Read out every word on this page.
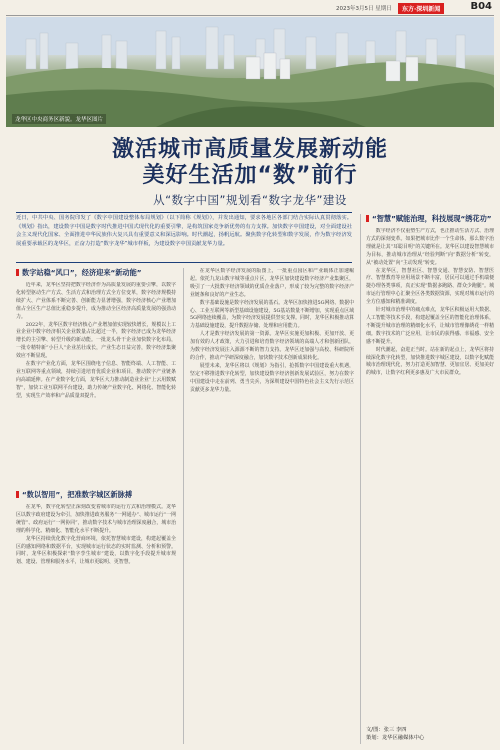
2023年3月5日 星期日	东方·深圳新闻	B04
龙华区中央商务区新貌。龙华区图片
激活城市高质量发展新动能
美好生活加“数”前行
从“数字中国”规划看“数字龙华”建设
近日，中共中央、国务院印发了《数字中国建设整体布局规划》（以下简称《规划》），并发出通知，要求各地区各部门结合实际认真贯彻落实。《规划》指出，建设数字中国是数字时代推进中国式现代化的重要引擎，是构筑国家竞争新优势的有力支撑。加快数字中国建设，对全面建设社会主义现代化国家、全面推进中华民族伟大复兴具有重要意义和深远影响。时代潮起，扬帆远航。聚焦数字化转型和数字发展，作为数字经济发展重要承载区的龙华区，正奋力打造“数字龙华”城市样板，为建设数字中国贡献龙华力量。
数字站稳“风口”，经济迎来“新动能”

近年来，龙华区坚持把数字经济作为高质量发展的重要引擎，以数字化转型驱动生产方式、生活方式和治理方式全方位变革，数字经济规模持续扩大、产业体系不断完善、创新能力显著增强，数字经济核心产业增加值占全区生产总值比重稳步提升，成为推动全区经济高质量发展的强劲动力。

2022年，龙华区数字经济核心产业增加值实现较快增长，规模以上工业企业中数字经济相关企业数量占比超过一半，数字经济已成为龙华经济增长的主引擎、转型升级的新动能。一批龙头骨干企业加快数字化布局，一批专精特新“小巨人”企业茁壮成长，产业生态日益完善，数字经济集聚效应不断显现。

在数字产业化方面，龙华区围绕电子信息、智能终端、人工智能、工业互联网等重点领域，持续引进培育优质企业和项目，推动数字产业链条向高端延伸。在产业数字化方面，龙华区大力推动制造业企业“上云用数赋智”，加快工业互联网平台建设，助力传统产业数字化、网络化、智能化转型，实现生产效率和产品质量双提升。

“数以智用”，把准数字城区新脉搏

在龙华，数字化转型正深刻改变着城市的运行方式和治理模式。龙华区以数字政府建设为牵引，加快推进政务服务“一网通办”、城市运行“一网统管”、政府运行“一网协同”，推动数字技术与城市治理深度融合，城市治理的科学化、精细化、智能化水平不断提升。

龙华区持续优化数字化营商环境，依托智慧城市建设，构建起覆盖全区的感知网络和数据平台，实现城市运行状态的实时监测、分析和预警。同时，龙华区积极探索“数字孪生城市”建设，以数字化手段提升城市规划、建设、管理和服务水平，让城市更聪明、更智慧。

在龙华区数字经济发展的版图上，一批重点园区和产业载体正加速崛起。依托九龙山数字城等重点片区，龙华区加快建设数字经济产业集聚区，吸引了一大批数字经济领域的优质企业落户，形成了较为完整的数字经济产业链条和良好的产业生态。

数字基础设施是数字经济发展的基石。龙华区加快推进5G网络、数据中心、工业互联网等新型基础设施建设，5G基站数量不断增加，实现重点区域5G网络连续覆盖，为数字经济发展提供坚实支撑。同时，龙华区积极推动算力基础设施建设，提升数据存储、处理和应用能力。

人才是数字经济发展的第一资源。龙华区实施更加积极、更加开放、更加有效的人才政策，大力引进和培育数字经济领域的高端人才和创新团队，为数字经济发展注入源源不断的智力支持。龙华区还加强与高校、科研院所的合作，推动产学研深度融合，加快数字技术创新成果转化。

展望未来，龙华区将以《规划》为指引，抢抓数字中国建设重大机遇，坚定不移推进数字化转型，加快建设数字经济创新发展试验区，努力在数字中国建设中走在前列、勇当尖兵，为深圳建设中国特色社会主义先行示范区贡献更多龙华力量。

“智慧”赋能治理，科技展现“绣花功”

数字经济不仅重塑生产方式，也正推动生活方式、治理方式的深刻变革。如果把城市比作一个生命体，那么数字治理就是让其“耳聪目明”的关键所在。龙华区以建设智慧城市为目标，推动城市治理从“经验判断”向“数据分析”转变，从“被动处置”向“主动发现”转变。

在龙华区，智慧社区、智慧交通、智慧安防、智慧医疗、智慧教育等应用场景不断丰富，居民可以通过手机端便捷办理各类事项，真正实现“数据多跑路、群众少跑腿”。城市运行管理中心汇聚全区各类数据资源，实现对城市运行的全方位感知和精准调度。

针对城市治理中的痛点难点，龙华区积极运用大数据、人工智能等技术手段，构建起覆盖全区的智能化治理体系，不断提升城市治理的精细化水平，让城市管理像绣花一样精细。数字技术的广泛应用，让市民的获得感、幸福感、安全感不断提升。

时代潮起，奋进正当时。站在新的起点上，龙华区将持续深化数字化转型，加快推进数字城区建设，以数字化赋能城市治理现代化，努力打造更加智慧、更加宜居、更加美好的城市，让数字红利更多惠及广大市民群众。

文/图：张三 李四
策划：龙华区融媒体中心
